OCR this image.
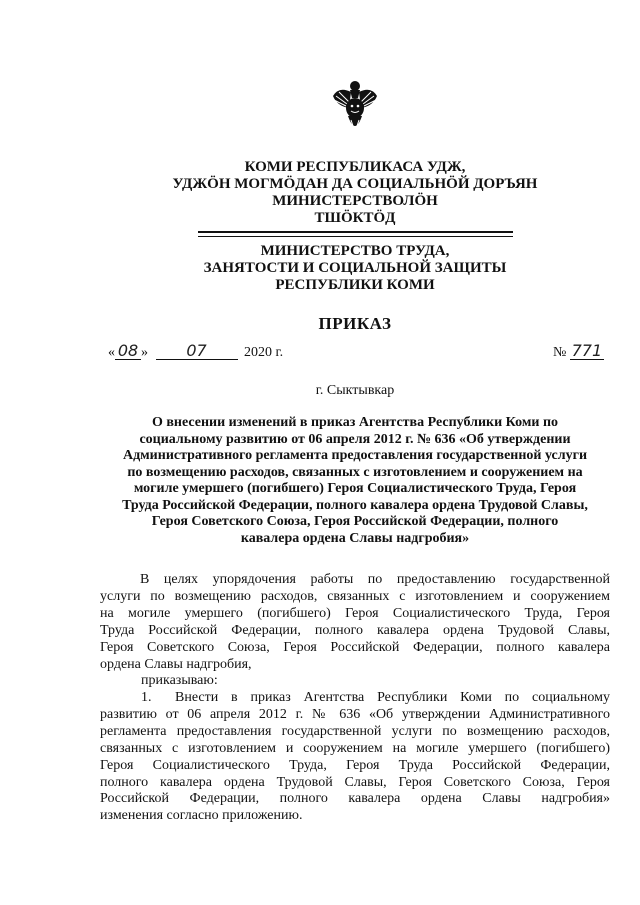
КОМИ РЕСПУБЛИКАСА УДЖ,
УДЖÖН МОГМÖДАН ДА СОЦИАЛЬНÖЙ ДОРЪЯН
МИНИСТЕРСТВОЛÖН
ТШÖКТÖД
МИНИСТЕРСТВО ТРУДА,
ЗАНЯТОСТИ И СОЦИАЛЬНОЙ ЗАЩИТЫ
РЕСПУБЛИКИ КОМИ
ПРИКАЗ
« 08 » 07	2020 г.	№ 771
г. Сыктывкар
О внесении изменений в приказ Агентства Республики Коми по
социальному развитию от 06 апреля 2012 г. № 636 «Об утверждении
Административного регламента предоставления государственной услуги
по возмещению расходов, связанных с изготовлением и сооружением на
могиле умершего (погибшего) Героя Социалистического Труда, Героя
Труда Российской Федерации, полного кавалера ордена Трудовой Славы,
Героя Советского Союза, Героя Российской Федерации, полного
кавалера ордена Славы надгробия»
В целях упорядочения работы по предоставлению государственной
услуги по возмещению расходов, связанных с изготовлением и сооружением
на могиле умершего (погибшего) Героя Социалистического Труда, Героя
Труда Российской Федерации, полного кавалера ордена Трудовой Славы,
Героя Советского Союза, Героя Российской Федерации, полного кавалера
ордена Славы надгробия,
приказываю:
1.	Внести в приказ Агентства Республики Коми по социальному
развитию от 06 апреля 2012 г. № 636 «Об утверждении Административного
регламента предоставления государственной услуги по возмещению расходов,
связанных с изготовлением и сооружением на могиле умершего (погибшего)
Героя Социалистического Труда, Героя Труда Российской Федерации,
полного кавалера ордена Трудовой Славы, Героя Советского Союза, Героя
Российской Федерации, полного кавалера ордена Славы надгробия»
изменения согласно приложению.
